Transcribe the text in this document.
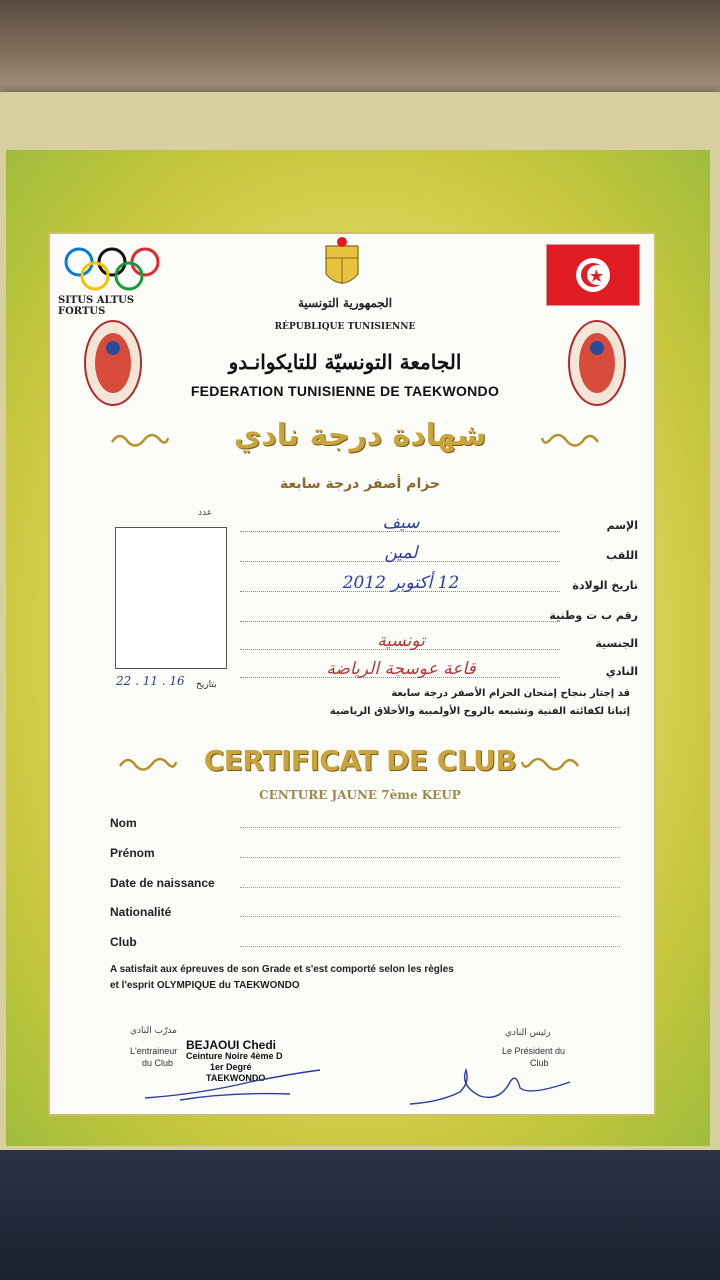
SITUS ALTUS FORTUS
الجمهورية التونسية
RÉPUBLIQUE TUNISIENNE
الجامعة التونسيّة للتايكوانـدو
FEDERATION TUNISIENNE DE TAEKWONDO
شهادة درجة نادي
حزام أصفر درجة سابعة
عدد
22 . 11 . 16	بتاريخ
سيف	الإسم
لمين	اللقب
12 أكتوبر 2012	تاريخ الولادة
رقم ب ت وطنية
تونسية	الجنسية
قاعة عوسجة الرياضة	النادي
قد إجتاز بنجاح إمتحان الحزام الأصفر درجة سابعة
إثباتا لكفائته الفنية وتشبعه بالروح الأولمبية والأخلاق الرياضية
CERTIFICAT DE CLUB
CENTURE JAUNE 7ème KEUP
Nom
Prénom
Date de naissance
Nationalité
Club
A satisfait aux épreuves de son Grade et s'est comporté selon les règles
et l'esprit OLYMPIQUE du TAEKWONDO
مدرّب النادي
L'entraineur
du Club
BEJAOUI Chedi
Ceinture Noire 4ème D
1er Degré
TAEKWONDO
رئيس النادي
Le Président du
Club
